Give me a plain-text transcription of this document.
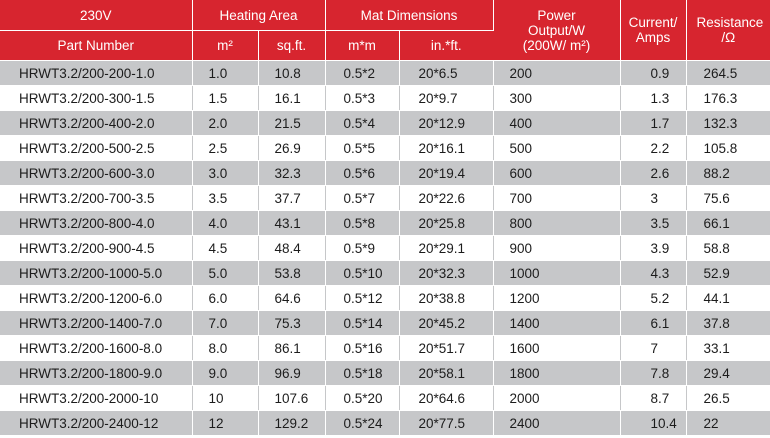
230V	Heating Area		Mat Dimensions		Power Output/W (200W/ m²)	Current/ Amps	Resistance /Ω
Part Number	m²	sq.ft.	m*m	in.*ft.			
HRWT3.2/200-200-1.0	1.0	10.8	0.5*2	20*6.5	200	0.9	264.5
HRWT3.2/200-300-1.5	1.5	16.1	0.5*3	20*9.7	300	1.3	176.3
HRWT3.2/200-400-2.0	2.0	21.5	0.5*4	20*12.9	400	1.7	132.3
HRWT3.2/200-500-2.5	2.5	26.9	0.5*5	20*16.1	500	2.2	105.8
HRWT3.2/200-600-3.0	3.0	32.3	0.5*6	20*19.4	600	2.6	88.2
HRWT3.2/200-700-3.5	3.5	37.7	0.5*7	20*22.6	700	3	75.6
HRWT3.2/200-800-4.0	4.0	43.1	0.5*8	20*25.8	800	3.5	66.1
HRWT3.2/200-900-4.5	4.5	48.4	0.5*9	20*29.1	900	3.9	58.8
HRWT3.2/200-1000-5.0	5.0	53.8	0.5*10	20*32.3	1000	4.3	52.9
HRWT3.2/200-1200-6.0	6.0	64.6	0.5*12	20*38.8	1200	5.2	44.1
HRWT3.2/200-1400-7.0	7.0	75.3	0.5*14	20*45.2	1400	6.1	37.8
HRWT3.2/200-1600-8.0	8.0	86.1	0.5*16	20*51.7	1600	7	33.1
HRWT3.2/200-1800-9.0	9.0	96.9	0.5*18	20*58.1	1800	7.8	29.4
HRWT3.2/200-2000-10	10	107.6	0.5*20	20*64.6	2000	8.7	26.5
HRWT3.2/200-2400-12	12	129.2	0.5*24	20*77.5	2400	10.4	22
